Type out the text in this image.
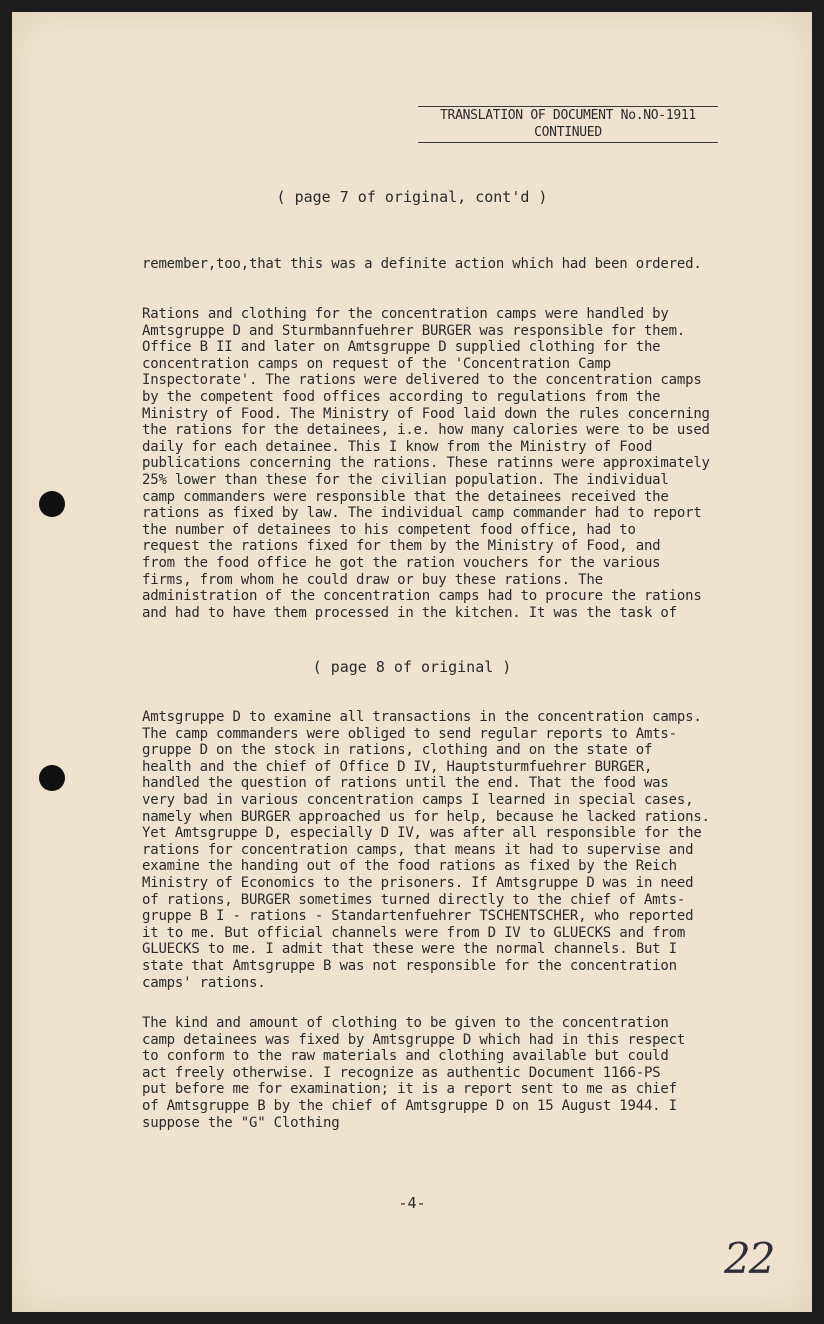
TRANSLATION OF DOCUMENT No.NO-1911
CONTINUED
( page 7 of original, cont'd )
remember,too,that this was a definite action which had been ordered.
Rations and clothing for the concentration camps were handled by
Amtsgruppe D and Sturmbannfuehrer BURGER was responsible for them.
Office B II and later on Amtsgruppe D supplied clothing for the
concentration camps on request of the 'Concentration Camp
Inspectorate'. The rations were delivered to the concentration camps
by the competent food offices according to regulations from the
Ministry of Food. The Ministry of Food laid down the rules concerning
the rations for the detainees, i.e. how many calories were to be used
daily for each detainee. This I know from the Ministry of Food
publications concerning the rations. These ratinns were approximately
25% lower than these for the civilian population. The individual
camp commanders were responsible that the detainees received the
rations as fixed by law. The individual camp commander had to report
the number of detainees to his competent food office, had to
request the rations fixed for them by the Ministry of Food, and
from the food office he got the ration vouchers for the various
firms, from whom he could draw or buy these rations. The
administration of the concentration camps had to procure the rations
and had to have them processed in the kitchen. It was the task of
( page 8 of original )
Amtsgruppe D to examine all transactions in the concentration camps.
The camp commanders were obliged to send regular reports to Amts-
gruppe D on the stock in rations, clothing and on the state of
health and the chief of Office D IV, Hauptsturmfuehrer BURGER,
handled the question of rations until the end. That the food was
very bad in various concentration camps I learned in special cases,
namely when BURGER approached us for help, because he lacked rations.
Yet Amtsgruppe D, especially D IV, was after all responsible for the
rations for concentration camps, that means it had to supervise and
examine the handing out of the food rations as fixed by the Reich
Ministry of Economics to the prisoners. If Amtsgruppe D was in need
of rations, BURGER sometimes turned directly to the chief of Amts-
gruppe B I - rations - Standartenfuehrer TSCHENTSCHER, who reported
it to me. But official channels were from D IV to GLUECKS and from
GLUECKS to me. I admit that these were the normal channels. But I
state that Amtsgruppe B was not responsible for the concentration
camps' rations.
The kind and amount of clothing to be given to the concentration
camp detainees was fixed by Amtsgruppe D which had in this respect
to conform to the raw materials and clothing available but could
act freely otherwise. I recognize as authentic Document 1166-PS
put before me for examination; it is a report sent to me as chief
of Amtsgruppe B by the chief of Amtsgruppe D on 15 August 1944. I
suppose the "G" Clothing
-4-
22
